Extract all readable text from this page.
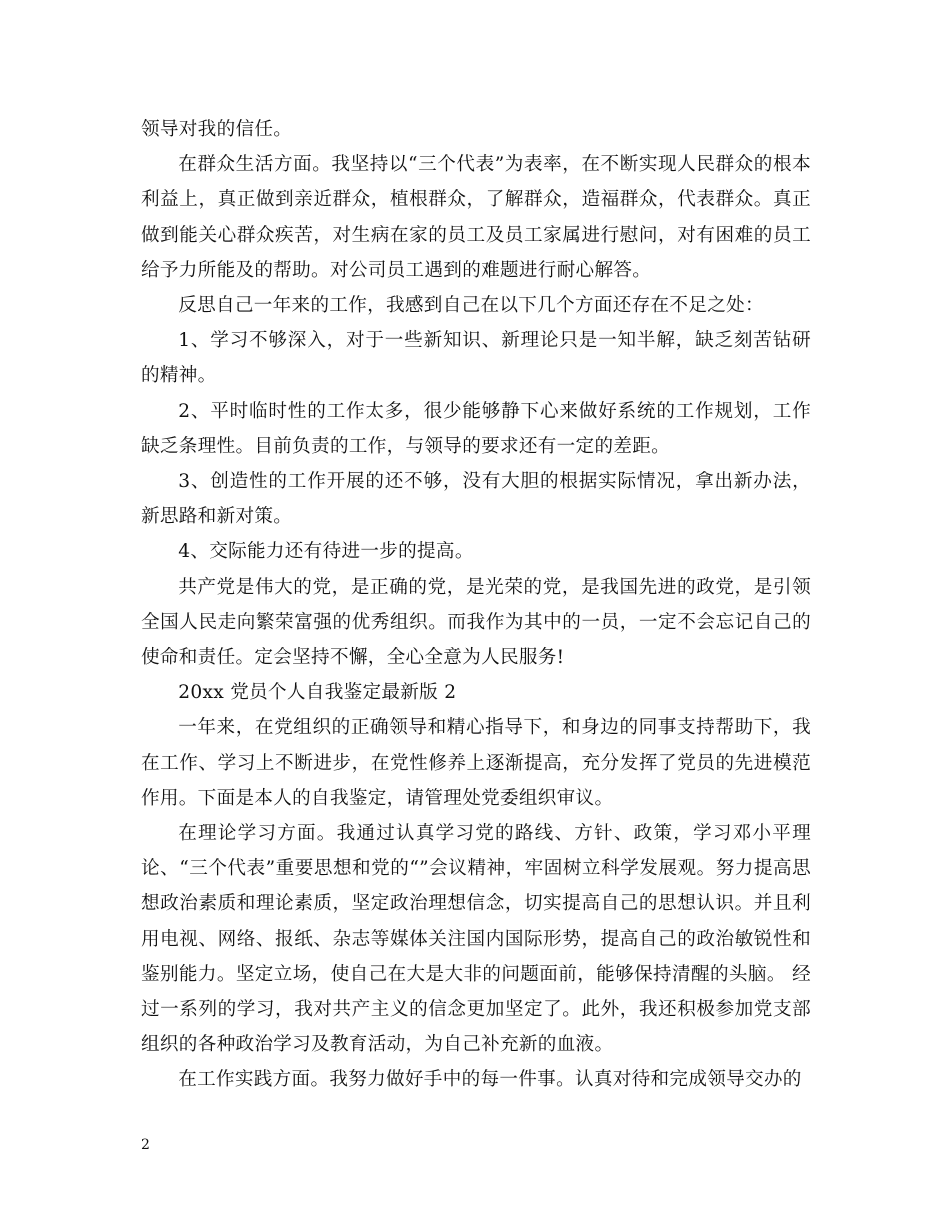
领导对我的信任。

在群众生活方面。我坚持以“三个代表”为表率，在不断实现人民群众的根本利益上，真正做到亲近群众，植根群众，了解群众，造福群众，代表群众。真正做到能关心群众疾苦，对生病在家的员工及员工家属进行慰问，对有困难的员工给予力所能及的帮助。对公司员工遇到的难题进行耐心解答。

反思自己一年来的工作，我感到自己在以下几个方面还存在不足之处：

1、学习不够深入，对于一些新知识、新理论只是一知半解，缺乏刻苦钻研的精神。

2、平时临时性的工作太多，很少能够静下心来做好系统的工作规划，工作缺乏条理性。目前负责的工作，与领导的要求还有一定的差距。

3、创造性的工作开展的还不够，没有大胆的根据实际情况，拿出新办法，新思路和新对策。

4、交际能力还有待进一步的提高。

共产党是伟大的党，是正确的党，是光荣的党，是我国先进的政党，是引领全国人民走向繁荣富强的优秀组织。而我作为其中的一员，一定不会忘记自己的使命和责任。定会坚持不懈，全心全意为人民服务!

20xx 党员个人自我鉴定最新版 2

一年来，在党组织的正确领导和精心指导下，和身边的同事支持帮助下，我在工作、学习上不断进步，在党性修养上逐渐提高，充分发挥了党员的先进模范作用。下面是本人的自我鉴定，请管理处党委组织审议。

在理论学习方面。我通过认真学习党的路线、方针、政策，学习邓小平理论、“三个代表”重要思想和党的“”会议精神，牢固树立科学发展观。努力提高思想政治素质和理论素质，坚定政治理想信念，切实提高自己的思想认识。并且利用电视、网络、报纸、杂志等媒体关注国内国际形势，提高自己的政治敏锐性和鉴别能力。坚定立场，使自己在大是大非的问题面前，能够保持清醒的头脑。 经过一系列的学习，我对共产主义的信念更加坚定了。此外，我还积极参加党支部组织的各种政治学习及教育活动，为自己补充新的血液。

在工作实践方面。我努力做好手中的每一件事。认真对待和完成领导交办的

2
